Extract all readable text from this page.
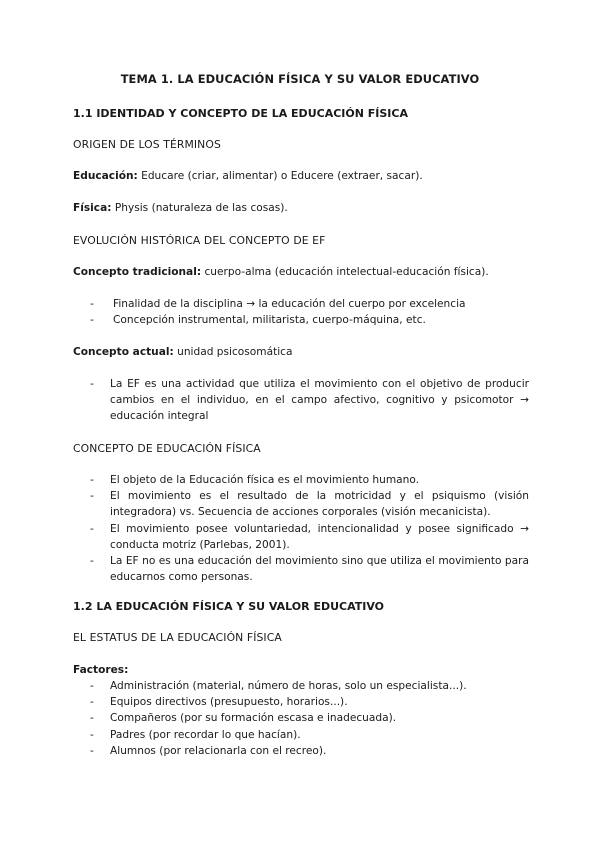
TEMA 1. LA EDUCACIÓN FÍSICA Y SU VALOR EDUCATIVO
1.1 IDENTIDAD Y CONCEPTO DE LA EDUCACIÓN FÍSICA
ORIGEN DE LOS TÉRMINOS
Educación: Educare (criar, alimentar) o Educere (extraer, sacar).
Física: Physis (naturaleza de las cosas).
EVOLUCIÓN HISTÓRICA DEL CONCEPTO DE EF
Concepto tradicional: cuerpo-alma (educación intelectual-educación física).
- Finalidad de la disciplina → la educación del cuerpo por excelencia
- Concepción instrumental, militarista, cuerpo-máquina, etc.
Concepto actual: unidad psicosomática
- La EF es una actividad que utiliza el movimiento con el objetivo de producir cambios en el individuo, en el campo afectivo, cognitivo y psicomotor → educación integral
CONCEPTO DE EDUCACIÓN FÍSICA
- El objeto de la Educación física es el movimiento humano.
- El movimiento es el resultado de la motricidad y el psiquismo (visión integradora) vs. Secuencia de acciones corporales (visión mecanicista).
- El movimiento posee voluntariedad, intencionalidad y posee significado → conducta motriz (Parlebas, 2001).
- La EF no es una educación del movimiento sino que utiliza el movimiento para educarnos como personas.
1.2 LA EDUCACIÓN FÍSICA Y SU VALOR EDUCATIVO
EL ESTATUS DE LA EDUCACIÓN FÍSICA
Factores:
- Administración (material, número de horas, solo un especialista...).
- Equipos directivos (presupuesto, horarios...).
- Compañeros (por su formación escasa e inadecuada).
- Padres (por recordar lo que hacían).
- Alumnos (por relacionarla con el recreo).
